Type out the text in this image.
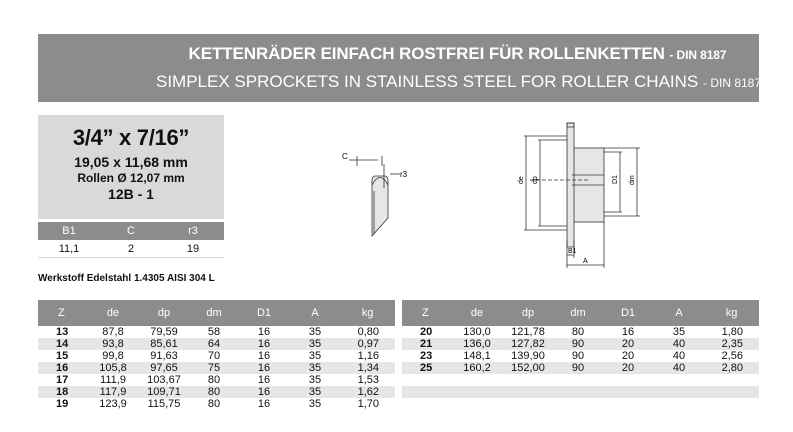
KETTENRÄDER EINFACH ROSTFREI FÜR ROLLENKETTEN - DIN 8187
SIMPLEX SPROCKETS IN STAINLESS STEEL FOR ROLLER CHAINS - DIN 8187
3/4” x 7/16”
19,05 x 11,68 mm
Rollen Ø 12,07 mm
12B - 1
B1	C	r3
11,1	2	19
Werkstoff Edelstahl 1.4305 AISI 304 L
C
r3
de dp	D1 dm
B1
A
Z	de	dp	dm	D1	A	kg
13	87,8	79,59	58	16	35	0,80
14	93,8	85,61	64	16	35	0,97
15	99,8	91,63	70	16	35	1,16
16	105,8	97,65	75	16	35	1,34
17	111,9	103,67	80	16	35	1,53
18	117,9	109,71	80	16	35	1,62
19	123,9	115,75	80	16	35	1,70
Z	de	dp	dm	D1	A	kg
20	130,0	121,78	80	16	35	1,80
21	136,0	127,82	90	20	40	2,35
23	148,1	139,90	90	20	40	2,56
25	160,2	152,00	90	20	40	2,80
